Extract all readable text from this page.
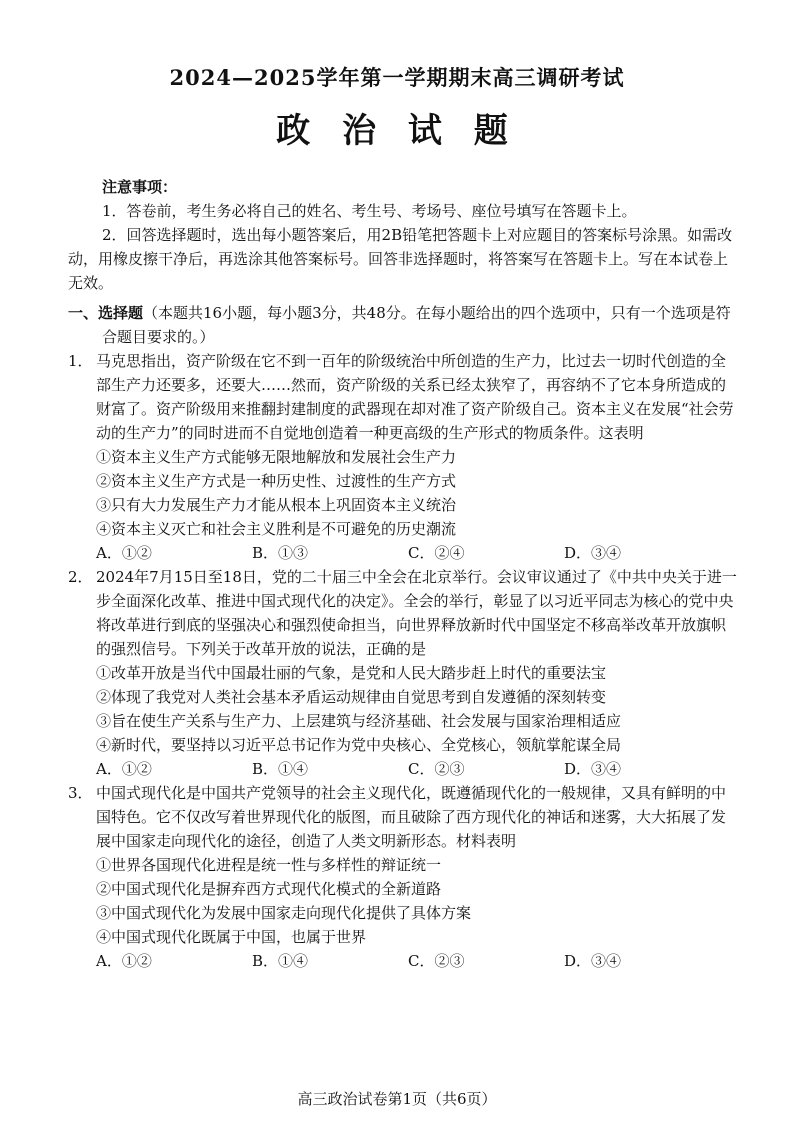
2024—2025学年第一学期期末高三调研考试
政 治 试 题
注意事项：
1．答卷前，考生务必将自己的姓名、考生号、考场号、座位号填写在答题卡上。
2．回答选择题时，选出每小题答案后，用2B铅笔把答题卡上对应题目的答案标号涂黑。如需改动，用橡皮擦干净后，再选涂其他答案标号。回答非选择题时，将答案写在答题卡上。写在本试卷上无效。
一、选择题（本题共16小题，每小题3分，共48分。在每小题给出的四个选项中，只有一个选项是符合题目要求的。）
1． 马克思指出，资产阶级在它不到一百年的阶级统治中所创造的生产力，比过去一切时代创造的全部生产力还要多，还要大……然而，资产阶级的关系已经太狭窄了，再容纳不了它本身所造成的财富了。资产阶级用来推翻封建制度的武器现在却对准了资产阶级自己。资本主义在发展“社会劳动的生产力”的同时进而不自觉地创造着一种更高级的生产形式的物质条件。这表明
①资本主义生产方式能够无限地解放和发展社会生产力
②资本主义生产方式是一种历史性、过渡性的生产方式
③只有大力发展生产力才能从根本上巩固资本主义统治
④资本主义灭亡和社会主义胜利是不可避免的历史潮流
A．①②	B．①③	C．②④	D．③④
2． 2024年7月15日至18日，党的二十届三中全会在北京举行。会议审议通过了《中共中央关于进一步全面深化改革、推进中国式现代化的决定》。全会的举行，彰显了以习近平同志为核心的党中央将改革进行到底的坚强决心和强烈使命担当，向世界释放新时代中国坚定不移高举改革开放旗帜的强烈信号。下列关于改革开放的说法，正确的是
①改革开放是当代中国最壮丽的气象，是党和人民大踏步赶上时代的重要法宝
②体现了我党对人类社会基本矛盾运动规律由自觉思考到自发遵循的深刻转变
③旨在使生产关系与生产力、上层建筑与经济基础、社会发展与国家治理相适应
④新时代，要坚持以习近平总书记作为党中央核心、全党核心，领航掌舵谋全局
A．①②	B．①④	C．②③	D．③④
3． 中国式现代化是中国共产党领导的社会主义现代化，既遵循现代化的一般规律，又具有鲜明的中国特色。它不仅改写着世界现代化的版图，而且破除了西方现代化的神话和迷雾，大大拓展了发展中国家走向现代化的途径，创造了人类文明新形态。材料表明
①世界各国现代化进程是统一性与多样性的辩证统一
②中国式现代化是摒弃西方式现代化模式的全新道路
③中国式现代化为发展中国家走向现代化提供了具体方案
④中国式现代化既属于中国，也属于世界
A．①②	B．①④	C．②③	D．③④
高三政治试卷第1页（共6页）
